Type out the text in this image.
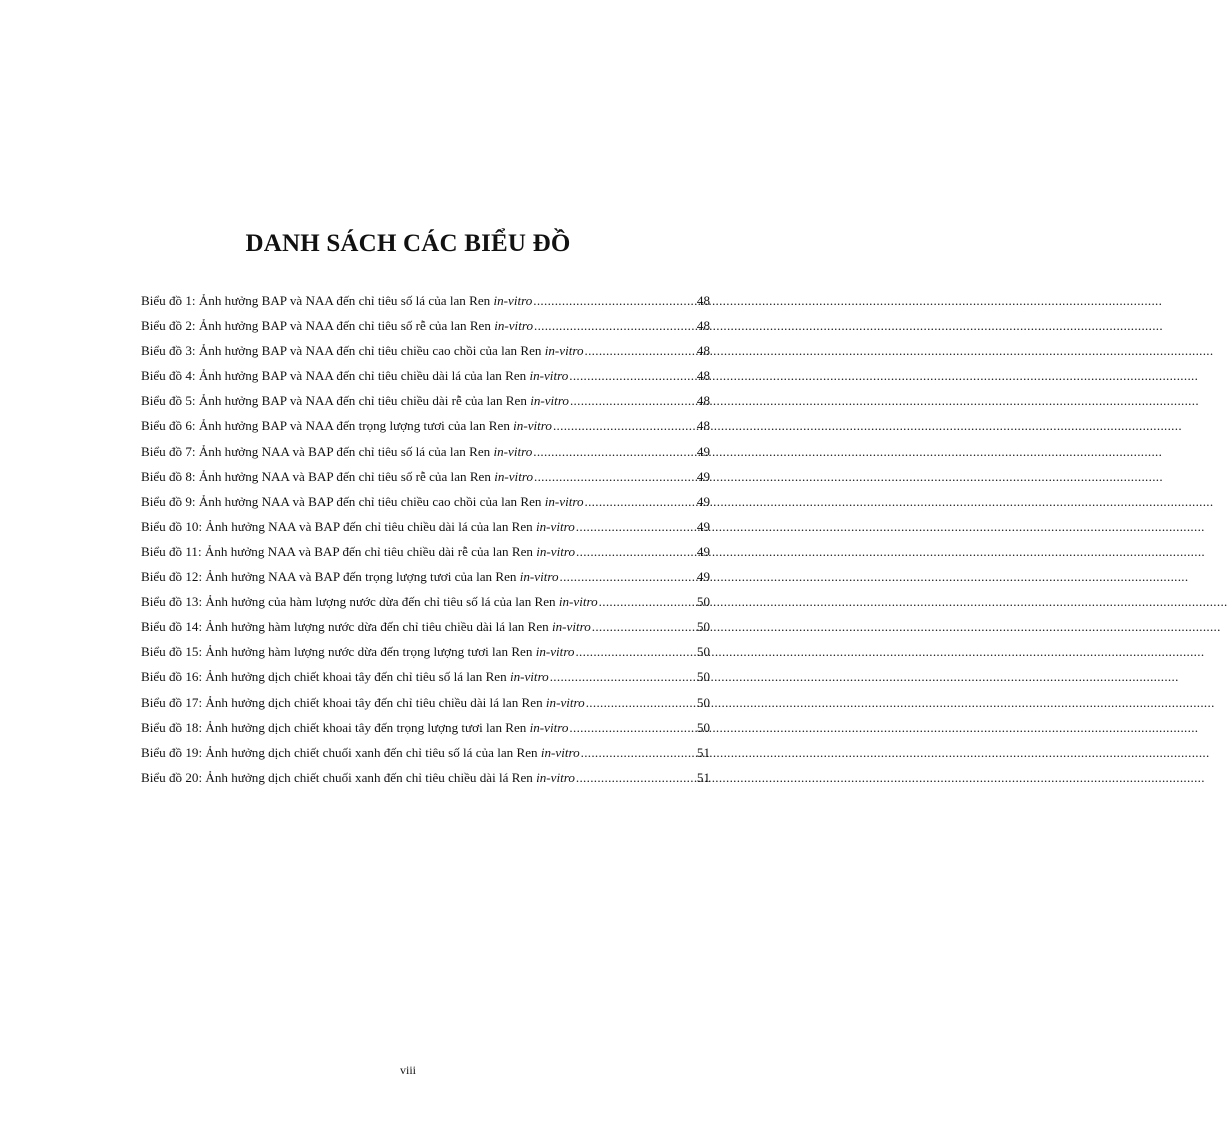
DANH SÁCH CÁC BIỂU ĐỒ
Biểu đồ 1: Ảnh hưởng BAP và NAA đến chỉ tiêu số lá của lan Ren in-vitro .....	48
Biểu đồ 2: Ảnh hưởng BAP và NAA đến chỉ tiêu số rễ của lan Ren in-vitro .....	48
Biểu đồ 3: Ảnh hưởng BAP và NAA đến chỉ tiêu chiều cao chồi của lan Ren in-vitro .....	48
Biểu đồ 4: Ảnh hưởng BAP và NAA đến chỉ tiêu chiều dài lá của lan Ren in-vitro .....	48
Biểu đồ 5: Ảnh hưởng BAP và NAA đến chỉ tiêu chiều dài rễ của lan Ren in-vitro .....	48
Biểu đồ 6: Ảnh hưởng BAP và NAA đến trọng lượng tươi của lan Ren in-vitro .....	48
Biểu đồ 7: Ảnh hưởng NAA và BAP đến chỉ tiêu số lá của lan Ren in-vitro .....	49
Biểu đồ 8: Ảnh hưởng NAA và BAP đến chỉ tiêu số rễ của lan Ren in-vitro .....	49
Biểu đồ 9: Ảnh hưởng NAA và BAP đến chỉ tiêu chiều cao chồi của lan Ren in-vitro .....	49
Biểu đồ 10: Ảnh hưởng NAA và BAP đến chỉ tiêu chiều dài lá của lan Ren in-vitro .....	49
Biểu đồ 11: Ảnh hưởng NAA và BAP đến chỉ tiêu chiều dài rễ của lan Ren in-vitro .....	49
Biểu đồ 12: Ảnh hưởng NAA và BAP đến trọng lượng tươi của lan Ren in-vitro .....	49
Biểu đồ 13: Ảnh hưởng của hàm lượng nước dừa đến chỉ tiêu số lá của lan Ren in-vitro .....	50
Biểu đồ 14: Ảnh hưởng hàm lượng nước dừa đến chỉ tiêu chiều dài lá lan Ren in-vitro .....	50
Biểu đồ 15: Ảnh hưởng hàm lượng nước dừa đến trọng lượng tươi lan Ren in-vitro .....	50
Biểu đồ 16: Ảnh hưởng dịch chiết khoai tây đến chỉ tiêu số lá lan Ren in-vitro .....	50
Biểu đồ 17: Ảnh hưởng dịch chiết khoai tây đến chỉ tiêu chiều dài lá lan Ren in-vitro .....	50
Biểu đồ 18: Ảnh hưởng dịch chiết khoai tây đến trọng lượng tươi lan Ren in-vitro .....	50
Biểu đồ 19: Ảnh hưởng dịch chiết chuối xanh đến chỉ tiêu số lá của lan Ren in-vitro .....	51
Biểu đồ 20: Ảnh hưởng dịch chiết chuối xanh đến chỉ tiêu chiều dài lá Ren in-vitro .....	51
viii
